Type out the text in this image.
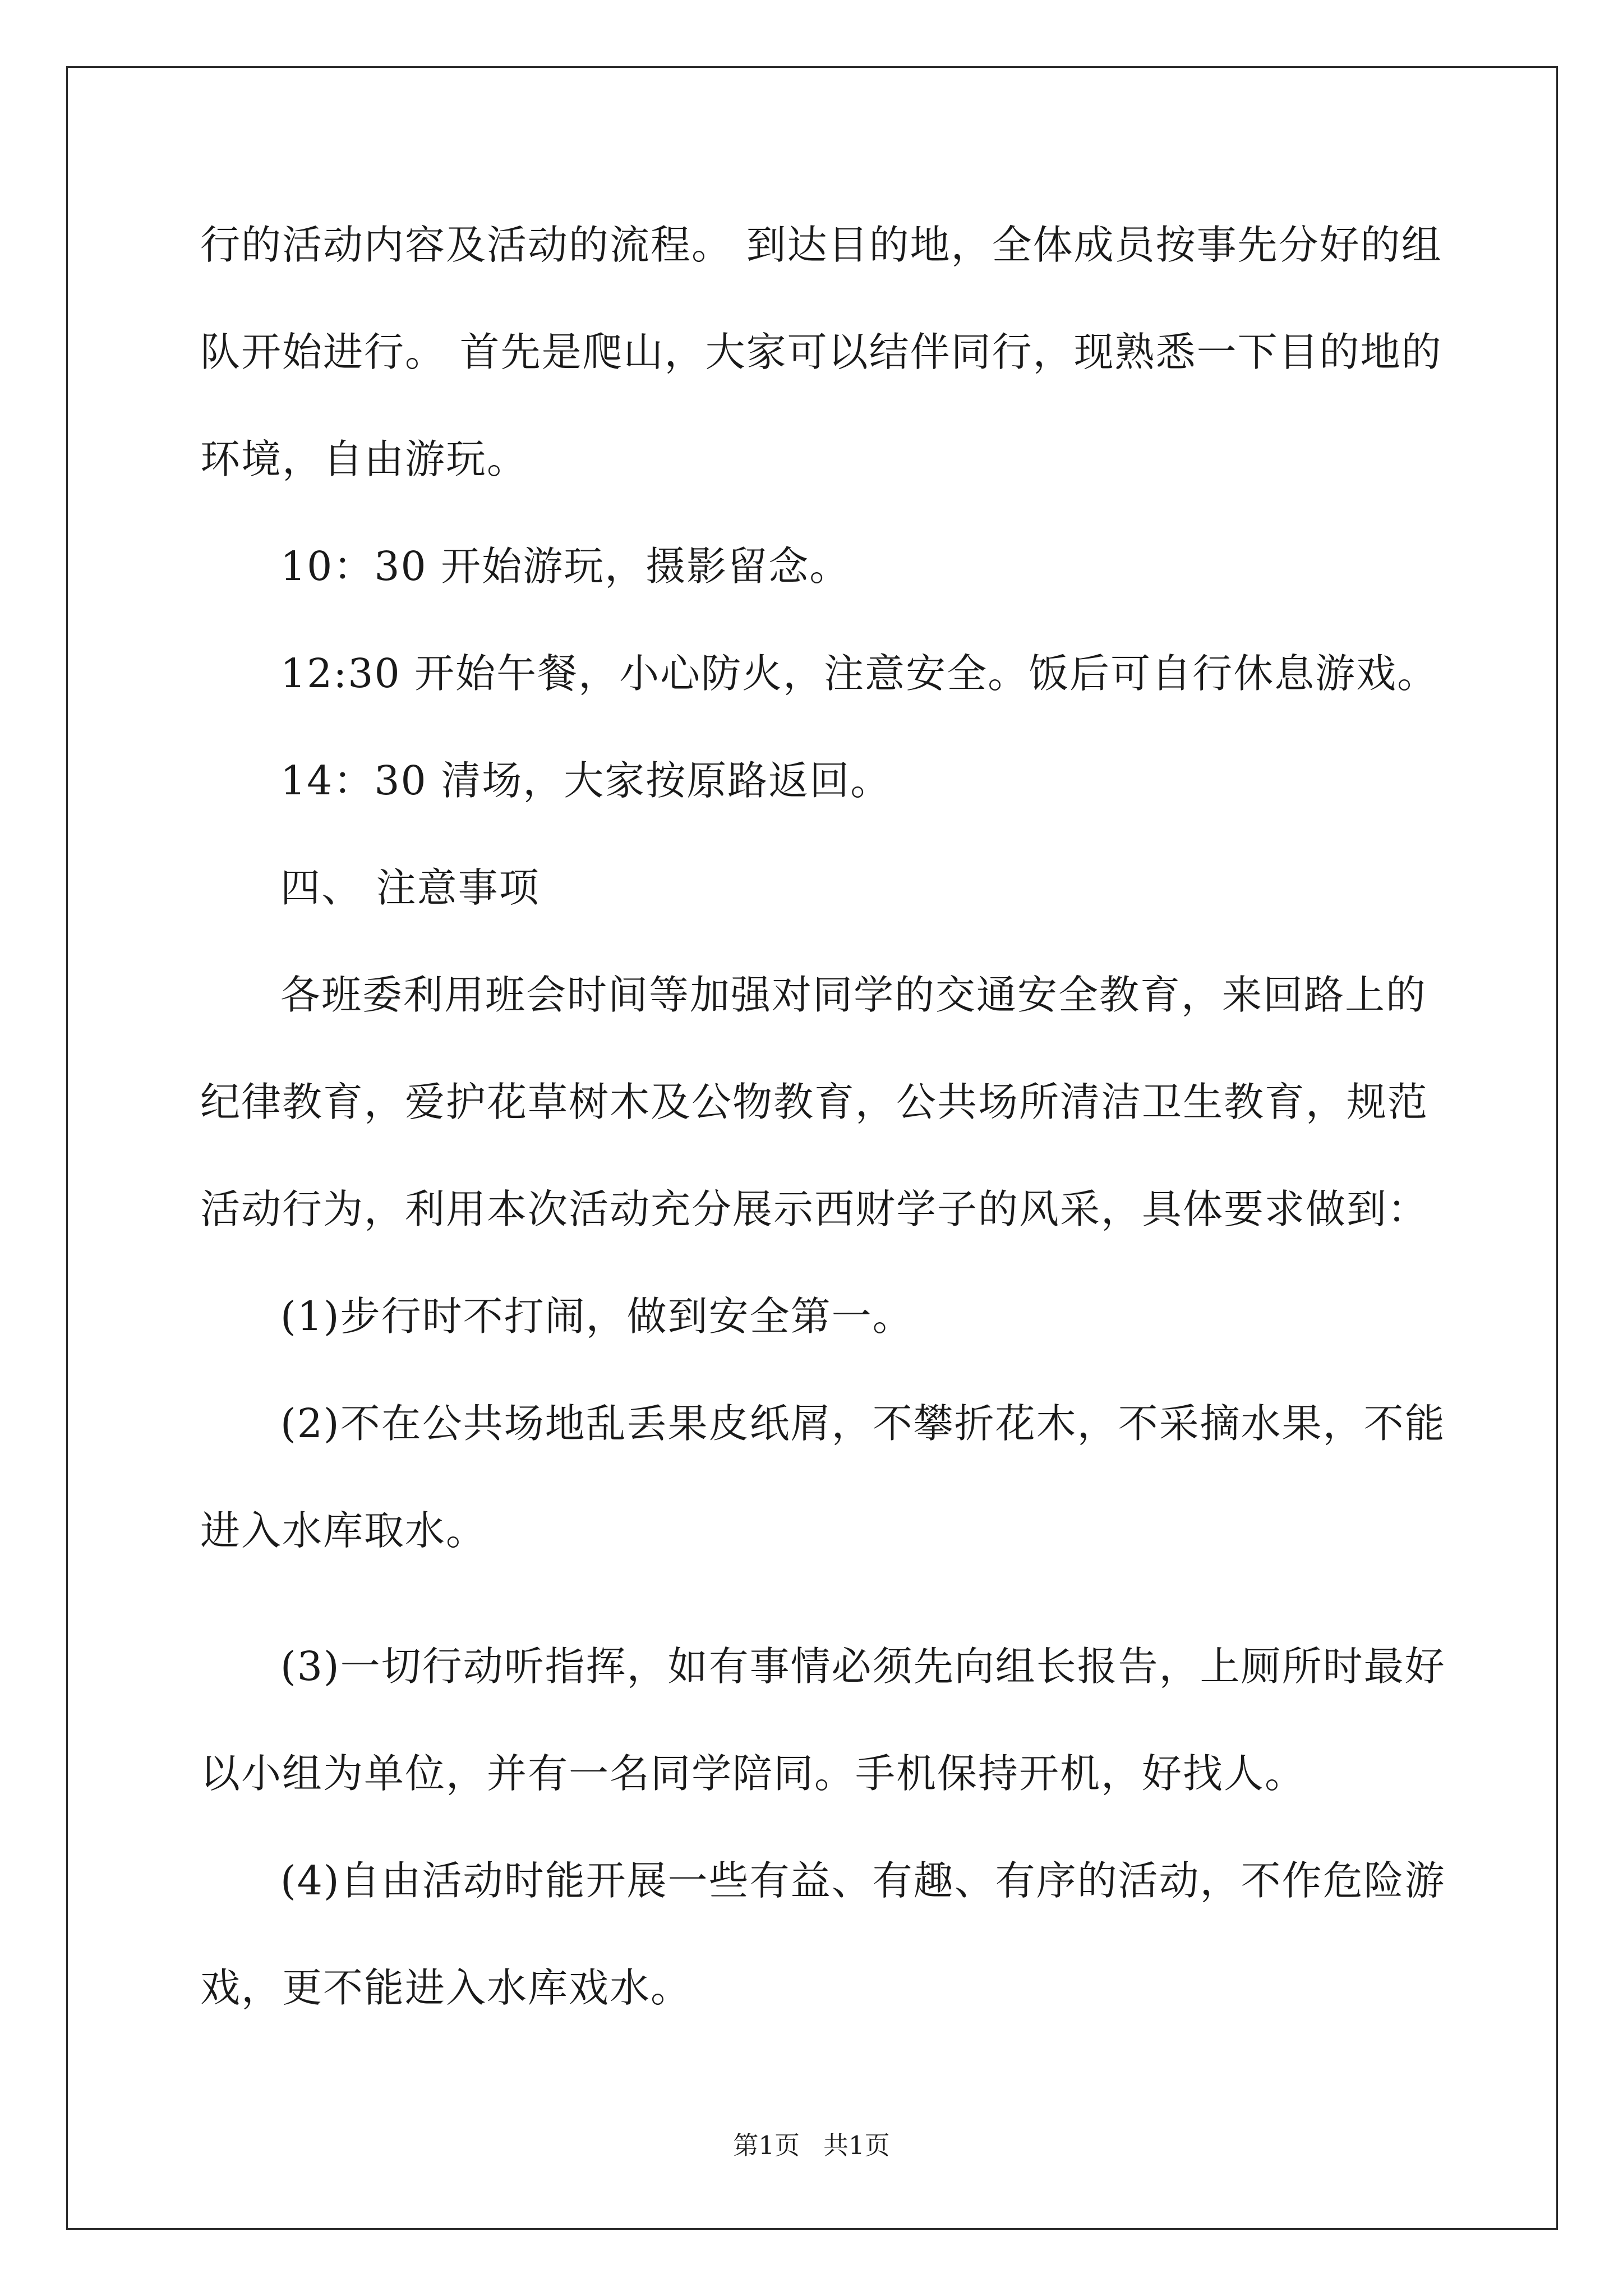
行的活动内容及活动的流程。 到达目的地，全体成员按事先分好的组
队开始进行。 首先是爬山，大家可以结伴同行，现熟悉一下目的地的
环境，自由游玩。
10：30 开始游玩，摄影留念。
12:30 开始午餐，小心防火，注意安全。饭后可自行休息游戏。
14：30 清场，大家按原路返回。
四、 注意事项
各班委利用班会时间等加强对同学的交通安全教育，来回路上的
纪律教育，爱护花草树木及公物教育，公共场所清洁卫生教育，规范
活动行为，利用本次活动充分展示西财学子的风采，具体要求做到：
(1)步行时不打闹，做到安全第一。
(2)不在公共场地乱丢果皮纸屑，不攀折花木，不采摘水果，不能
进入水库取水。
(3)一切行动听指挥，如有事情必须先向组长报告，上厕所时最好
以小组为单位，并有一名同学陪同。手机保持开机，好找人。
(4)自由活动时能开展一些有益、有趣、有序的活动，不作危险游
戏，更不能进入水库戏水。
第1页 共1页
